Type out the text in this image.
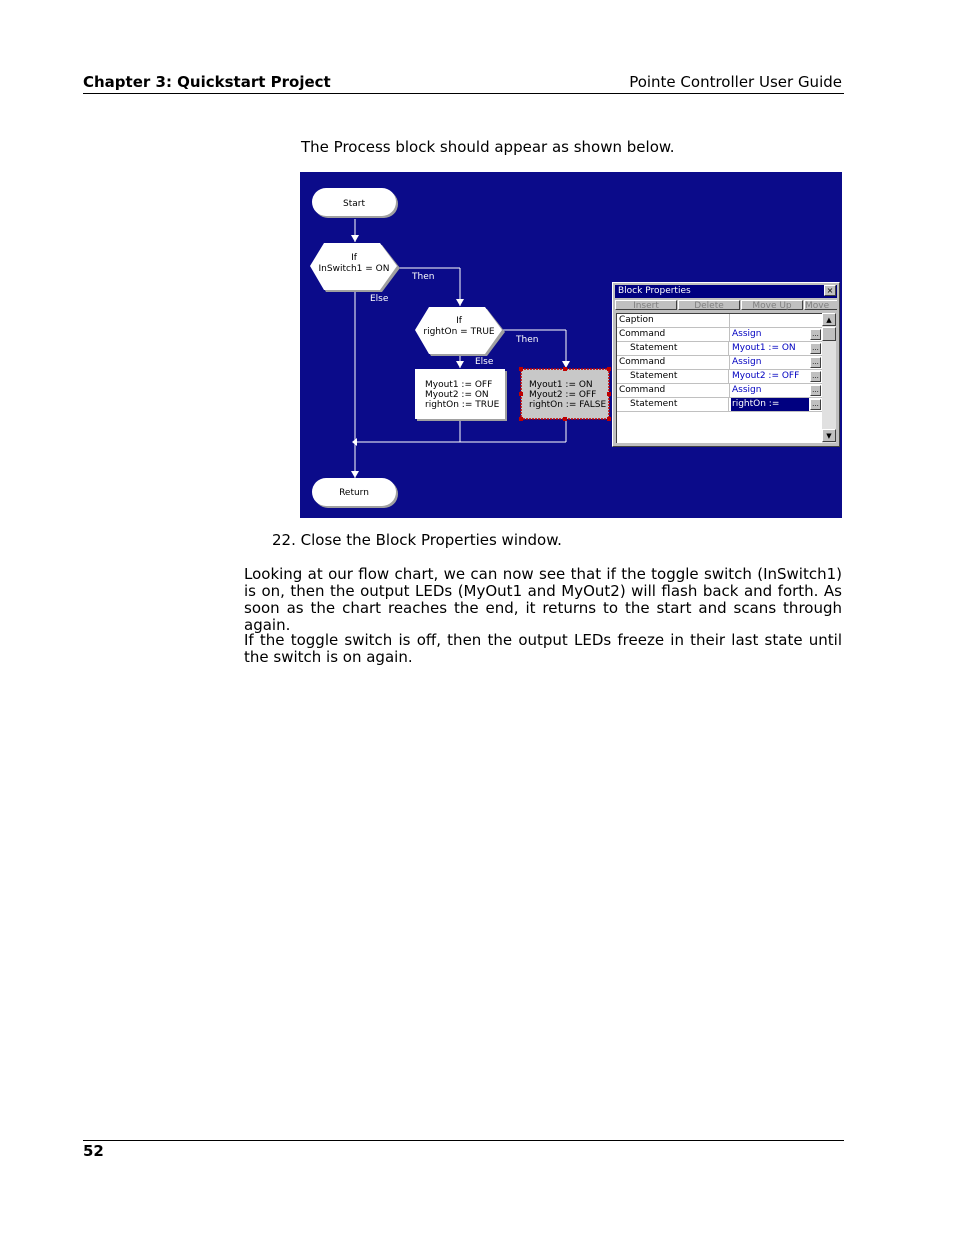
Chapter 3: Quickstart Project	Pointe Controller User Guide
The Process block should appear as shown below.
Start
If
InSwitch1 = ON
Then
Else
If
rightOn = TRUE
Then
Else
Myout1 := OFF
Myout2 := ON
rightOn := TRUE
Myout1 := ON
Myout2 := OFF
rightOn := FALSE
Return
Block Properties	×
Insert	Delete	Move Up Move
Caption
Command	Assign	...
Statement	Myout1 := ON	...
Command	Assign	...
Statement	Myout2 := OFF	...
Command	Assign	...
Statement	rightOn := FALSE
...
▲
▼
22. Close the Block Properties window.
Looking at our flow chart, we can now see that if the toggle switch (InSwitch1) is on, then the output LEDs (MyOut1 and MyOut2) will flash back and forth. As soon as the chart reaches the end, it returns to the start and scans through again.
If the toggle switch is off, then the output LEDs freeze in their last state until the switch is on again.
52
